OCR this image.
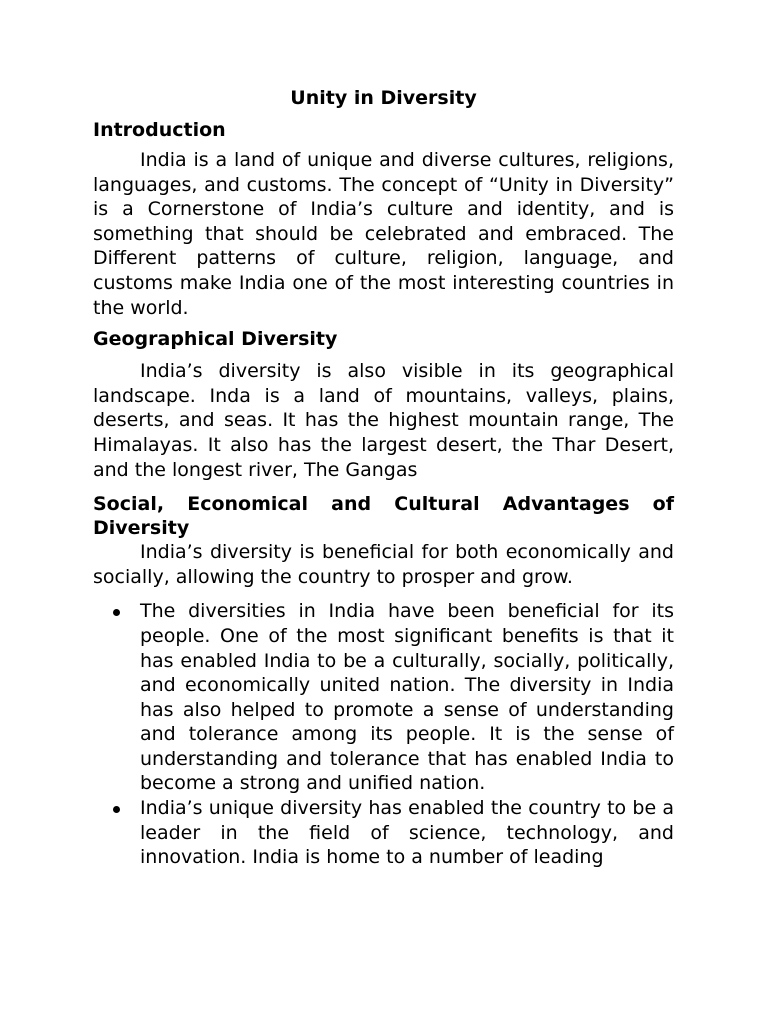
Unity in Diversity
Introduction

India is a land of unique and diverse cultures, religions, languages, and customs. The concept of “Unity in Diversity” is a Cornerstone of India’s culture and identity, and is something that should be celebrated and embraced. The Different patterns of culture, religion, language, and customs make India one of the most interesting countries in the world.

Geographical Diversity

India’s diversity is also visible in its geographical landscape. Inda is a land of mountains, valleys, plains, deserts, and seas. It has the highest mountain range, The Himalayas. It also has the largest desert, the Thar Desert, and the longest river, The Gangas

Social, Economical and Cultural Advantages of Diversity

India’s diversity is beneficial for both economically and socially, allowing the country to prosper and grow.

The diversities in India have been beneficial for its people. One of the most significant benefits is that it has enabled India to be a culturally, socially, politically, and economically united nation. The diversity in India has also helped to promote a sense of understanding and tolerance among its people. It is the sense of understanding and tolerance that has enabled India to become a strong and unified nation.
India’s unique diversity has enabled the country to be a leader in the field of science, technology, and innovation. India is home to a number of leading
